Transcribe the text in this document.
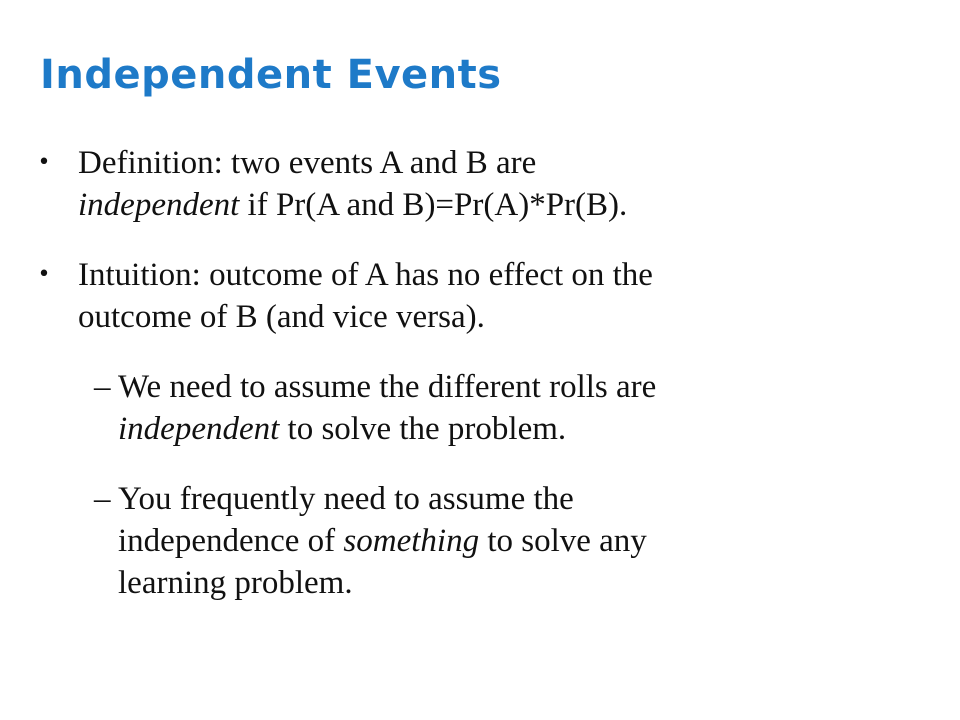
Independent Events
• Definition: two events A and B are
independent if Pr(A and B)=Pr(A)*Pr(B).
• Intuition: outcome of A has no effect on the
outcome of B (and vice versa).
– We need to assume the different rolls are
independent to solve the problem.
– You frequently need to assume the
independence of something to solve any
learning problem.
